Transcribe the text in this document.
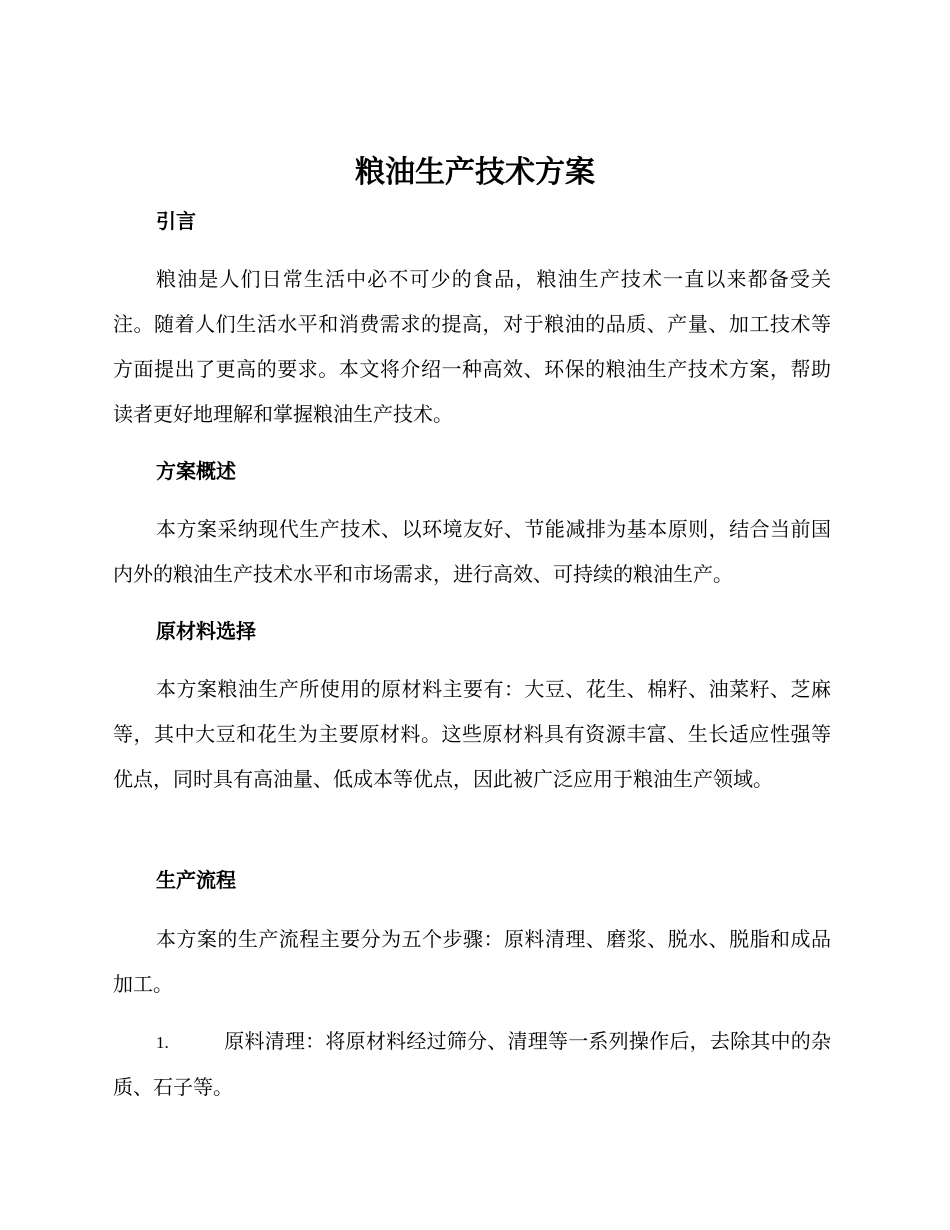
粮油生产技术方案
引言

粮油是人们日常生活中必不可少的食品，粮油生产技术一直以来都备受关注。随着人们生活水平和消费需求的提高，对于粮油的品质、产量、加工技术等方面提出了更高的要求。本文将介绍一种高效、环保的粮油生产技术方案，帮助读者更好地理解和掌握粮油生产技术。

方案概述

本方案采纳现代生产技术、以环境友好、节能减排为基本原则，结合当前国内外的粮油生产技术水平和市场需求，进行高效、可持续的粮油生产。

原材料选择

本方案粮油生产所使用的原材料主要有：大豆、花生、棉籽、油菜籽、芝麻等，其中大豆和花生为主要原材料。这些原材料具有资源丰富、生长适应性强等优点，同时具有高油量、低成本等优点，因此被广泛应用于粮油生产领域。

生产流程

本方案的生产流程主要分为五个步骤：原料清理、磨浆、脱水、脱脂和成品加工。

1.	原料清理：将原材料经过筛分、清理等一系列操作后，去除其中的杂质、石子等。
